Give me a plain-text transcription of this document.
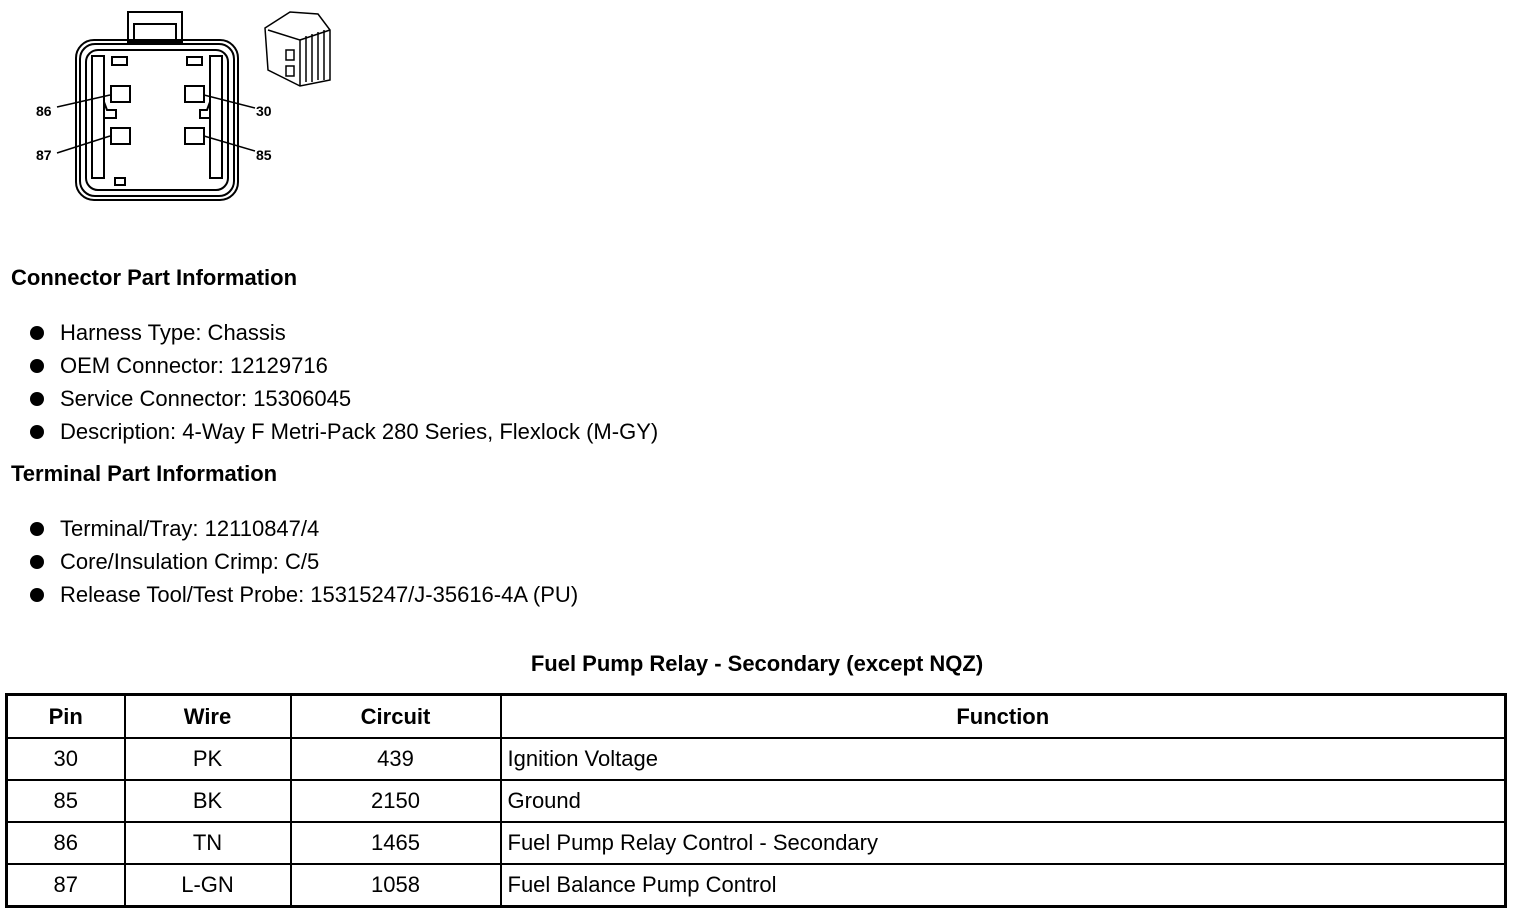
86
87
30
85
Connector Part Information
Harness Type: Chassis
OEM Connector: 12129716
Service Connector: 15306045
Description: 4-Way F Metri-Pack 280 Series, Flexlock (M-GY)
Terminal Part Information
Terminal/Tray: 12110847/4
Core/Insulation Crimp: C/5
Release Tool/Test Probe: 15315247/J-35616-4A (PU)
Fuel Pump Relay - Secondary (except NQZ)
Pin	Wire	Circuit	Function
30	PK	439	Ignition Voltage
85	BK	2150	Ground
86	TN	1465	Fuel Pump Relay Control - Secondary
87	L-GN	1058	Fuel Balance Pump Control
